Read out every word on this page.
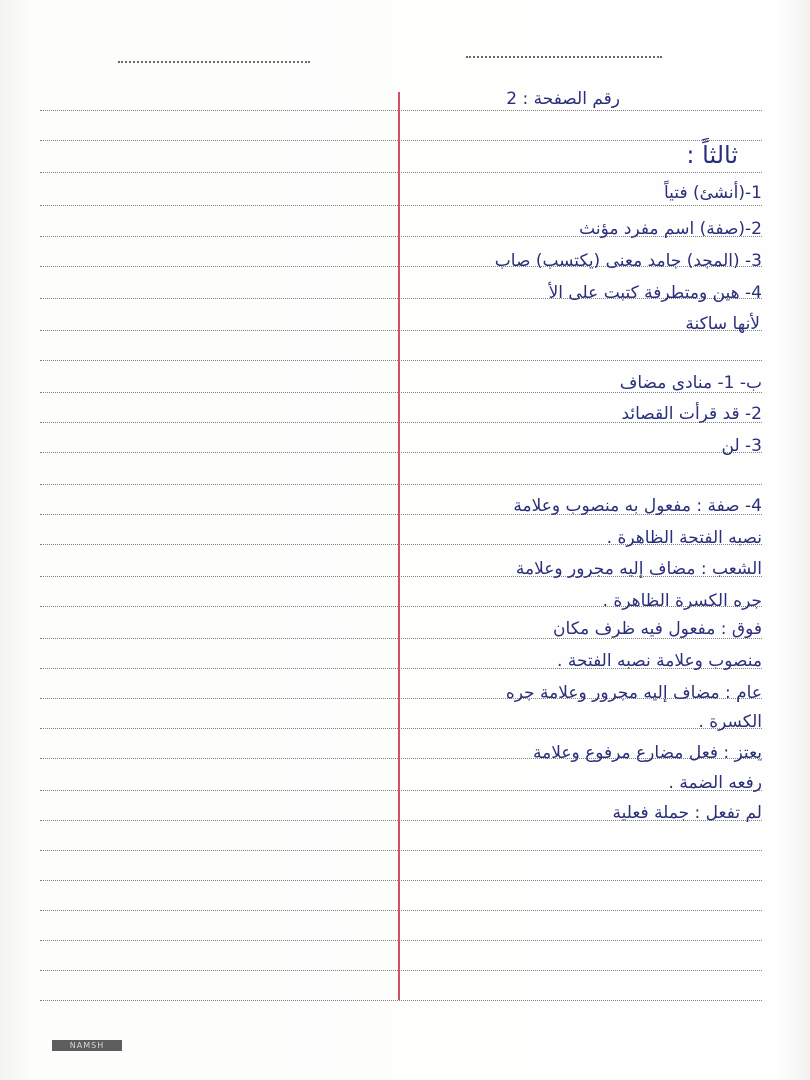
رقم الصفحة : 2
ثالثاً :
1-(أنشئ) فتياً
2-(صفة) اسم مفرد مؤنث
3- (المجد) جامد معنى (يكتسب) صاب
4- هين ومتطرفة كتبت على الأ
لأنها ساكنة
ب- 1- منادى مضاف
2- قد قرأت القصائد
3- لن
4- صفة : مفعول به منصوب وعلامة
نصبه الفتحة الظاهرة .
الشعب : مضاف إليه مجرور وعلامة
جره الكسرة الظاهرة .
فوق : مفعول فيه ظرف مكان
منصوب وعلامة نصبه الفتحة .
عام : مضاف إليه مجرور وعلامة جره
الكسرة .
يعتز : فعل مضارع مرفوع وعلامة
رفعه الضمة .
لم تفعل : جملة فعلية
NAMSH
